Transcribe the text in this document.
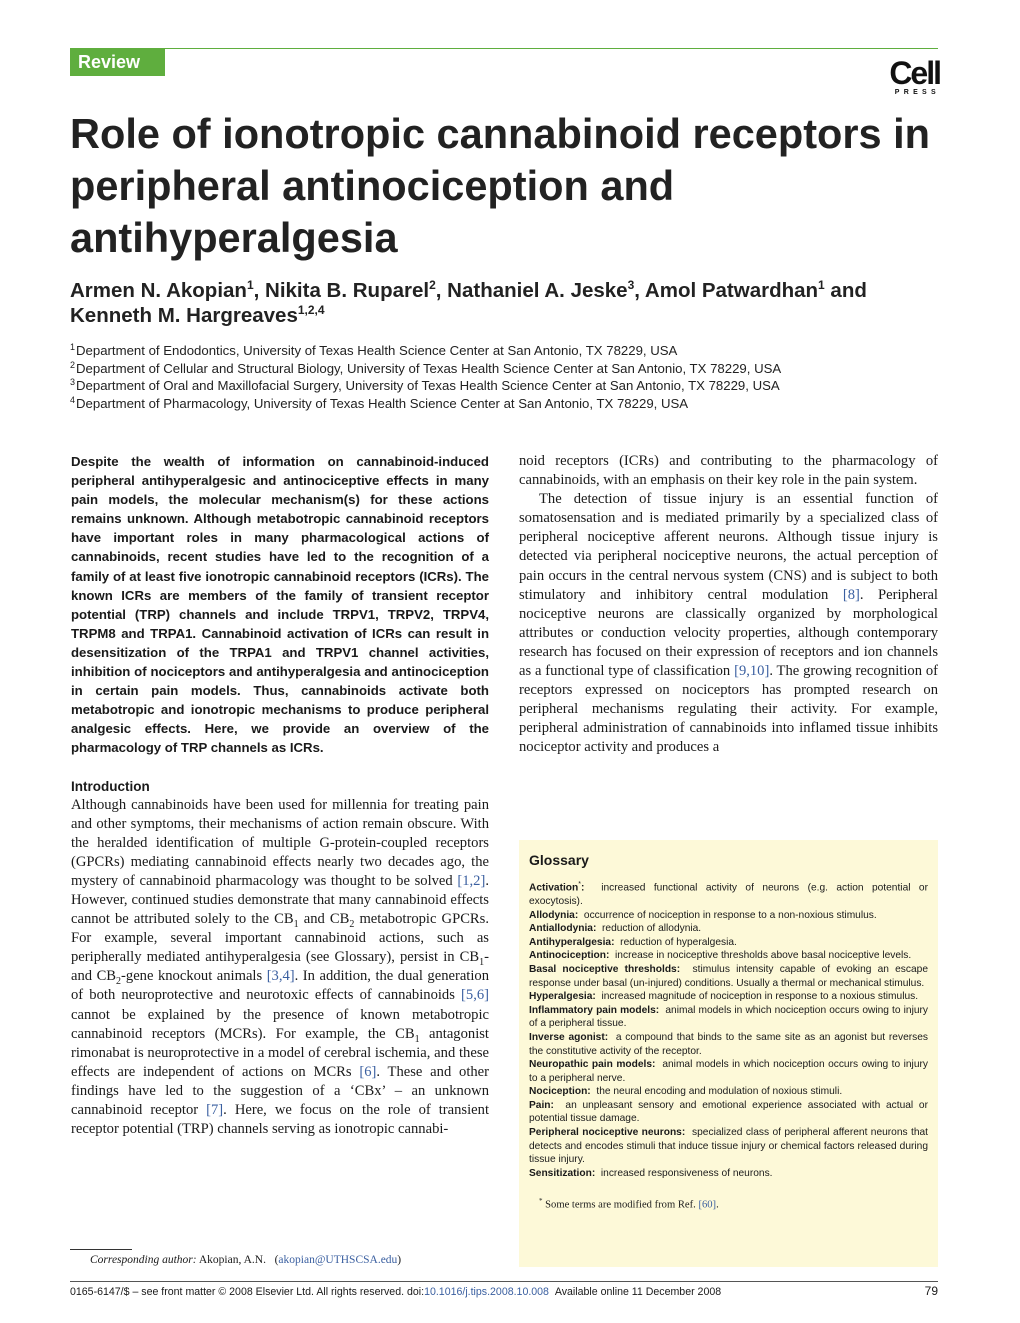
Review	Cell
PRESS
Role of ionotropic cannabinoid receptors in peripheral antinociception and antihyperalgesia
Armen N. Akopian$^1$, Nikita B. Ruparel$^2$, Nathaniel A. Jeske$^3$, Amol Patwardhan$^1$ and
Kenneth M. Hargreaves$^{1,2,4}$
$^1$Department of Endodontics, University of Texas Health Science Center at San Antonio, TX 78229, USA
$^2$Department of Cellular and Structural Biology, University of Texas Health Science Center at San Antonio, TX 78229, USA
$^3$Department of Oral and Maxillofacial Surgery, University of Texas Health Science Center at San Antonio, TX 78229, USA
$^4$Department of Pharmacology, University of Texas Health Science Center at San Antonio, TX 78229, USA

Despite the wealth of information on cannabinoid-induced peripheral antihyperalgesic and antinociceptive effects in many pain models, the molecular mechanism(s) for these actions remains unknown. Although metabotropic cannabinoid receptors have important roles in many pharmacological actions of cannabinoids, recent studies have led to the recognition of a family of at least five ionotropic cannabinoid receptors (ICRs). The known ICRs are members of the family of transient receptor potential (TRP) channels and include TRPV1, TRPV2, TRPV4, TRPM8 and TRPA1. Cannabinoid activation of ICRs can result in desensitization of the TRPA1 and TRPV1 channel activities, inhibition of nociceptors and antihyperalgesia and antinociception in certain pain models. Thus, cannabinoids activate both metabotropic and ionotropic mechanisms to produce peripheral analgesic effects. Here, we provide an overview of the pharmacology of TRP channels as ICRs.

Introduction

Although cannabinoids have been used for millennia for treating pain and other symptoms, their mechanisms of action remain obscure. With the heralded identification of multiple G-protein-coupled receptors (GPCRs) mediating cannabinoid effects nearly two decades ago, the mystery of cannabinoid pharmacology was thought to be solved [1,2]. However, continued studies demonstrate that many cannabinoid effects cannot be attributed solely to the $CB_1$ and $CB_2$ metabotropic GPCRs. For example, several important cannabinoid actions, such as peripherally mediated antihyperalgesia (see Glossary), persist in $CB_1-$ and $CB_2$-gene knockout animals [3,4]. In addition, the dual generation of both neuroprotective and neurotoxic effects of cannabinoids [5,6] cannot be explained by the presence of known metabotropic cannabinoid receptors (MCRs). For example, the $CB_1$ antagonist rimonabat is neuroprotective in a model of cerebral ischemia, and these effects are independent of actions on MCRs [6]. These and other findings have led to the suggestion of a ‘CBx’ – an unknown cannabinoid receptor [7]. Here, we focus on the role of transient receptor potential (TRP) channels serving as ionotropic cannabi-

noid receptors (ICRs) and contributing to the pharmacology of cannabinoids, with an emphasis on their key role in the pain system.

The detection of tissue injury is an essential function of somatosensation and is mediated primarily by a specialized class of peripheral nociceptive afferent neurons. Although tissue injury is detected via peripheral nociceptive neurons, the actual perception of pain occurs in the central nervous system (CNS) and is subject to both stimulatory and inhibitory central modulation [8]. Peripheral nociceptive neurons are classically organized by morphological attributes or conduction velocity properties, although contemporary research has focused on their expression of receptors and ion channels as a functional type of classification [9,10]. The growing recognition of receptors expressed on nociceptors has prompted research on peripheral mechanisms regulating their activity. For example, peripheral administration of cannabinoids into inflamed tissue inhibits nociceptor activity and produces a

Glossary

Activation*: increased functional activity of neurons (e.g. action potential or exocytosis).

Allodynia: occurrence of nociception in response to a non-noxious stimulus.

Antiallodynia: reduction of allodynia.

Antihyperalgesia: reduction of hyperalgesia.

Antinociception: increase in nociceptive thresholds above basal nociceptive levels.

Basal nociceptive thresholds: stimulus intensity capable of evoking an escape response under basal (un-injured) conditions. Usually a thermal or mechanical stimulus.

Hyperalgesia: increased magnitude of nociception in response to a noxious stimulus.

Inflammatory pain models: animal models in which nociception occurs owing to injury of a peripheral tissue.

Inverse agonist: a compound that binds to the same site as an agonist but reverses the constitutive activity of the receptor.

Neuropathic pain models: animal models in which nociception occurs owing to injury to a peripheral nerve.

Nociception: the neural encoding and modulation of noxious stimuli.

Pain: an unpleasant sensory and emotional experience associated with actual or potential tissue damage.

Peripheral nociceptive neurons: specialized class of peripheral afferent neurons that detects and encodes stimuli that induce tissue injury or chemical factors released during tissue injury.

Sensitization: increased responsiveness of neurons.

* Some terms are modified from Ref. [60].

Corresponding author: Akopian, A.N.   (akopian@UTHSCSA.edu)
0165-6147/$ – see front matter © 2008 Elsevier Ltd. All rights reserved. doi:10.1016/j.tips.2008.10.008 Available online 11 December 2008	79
